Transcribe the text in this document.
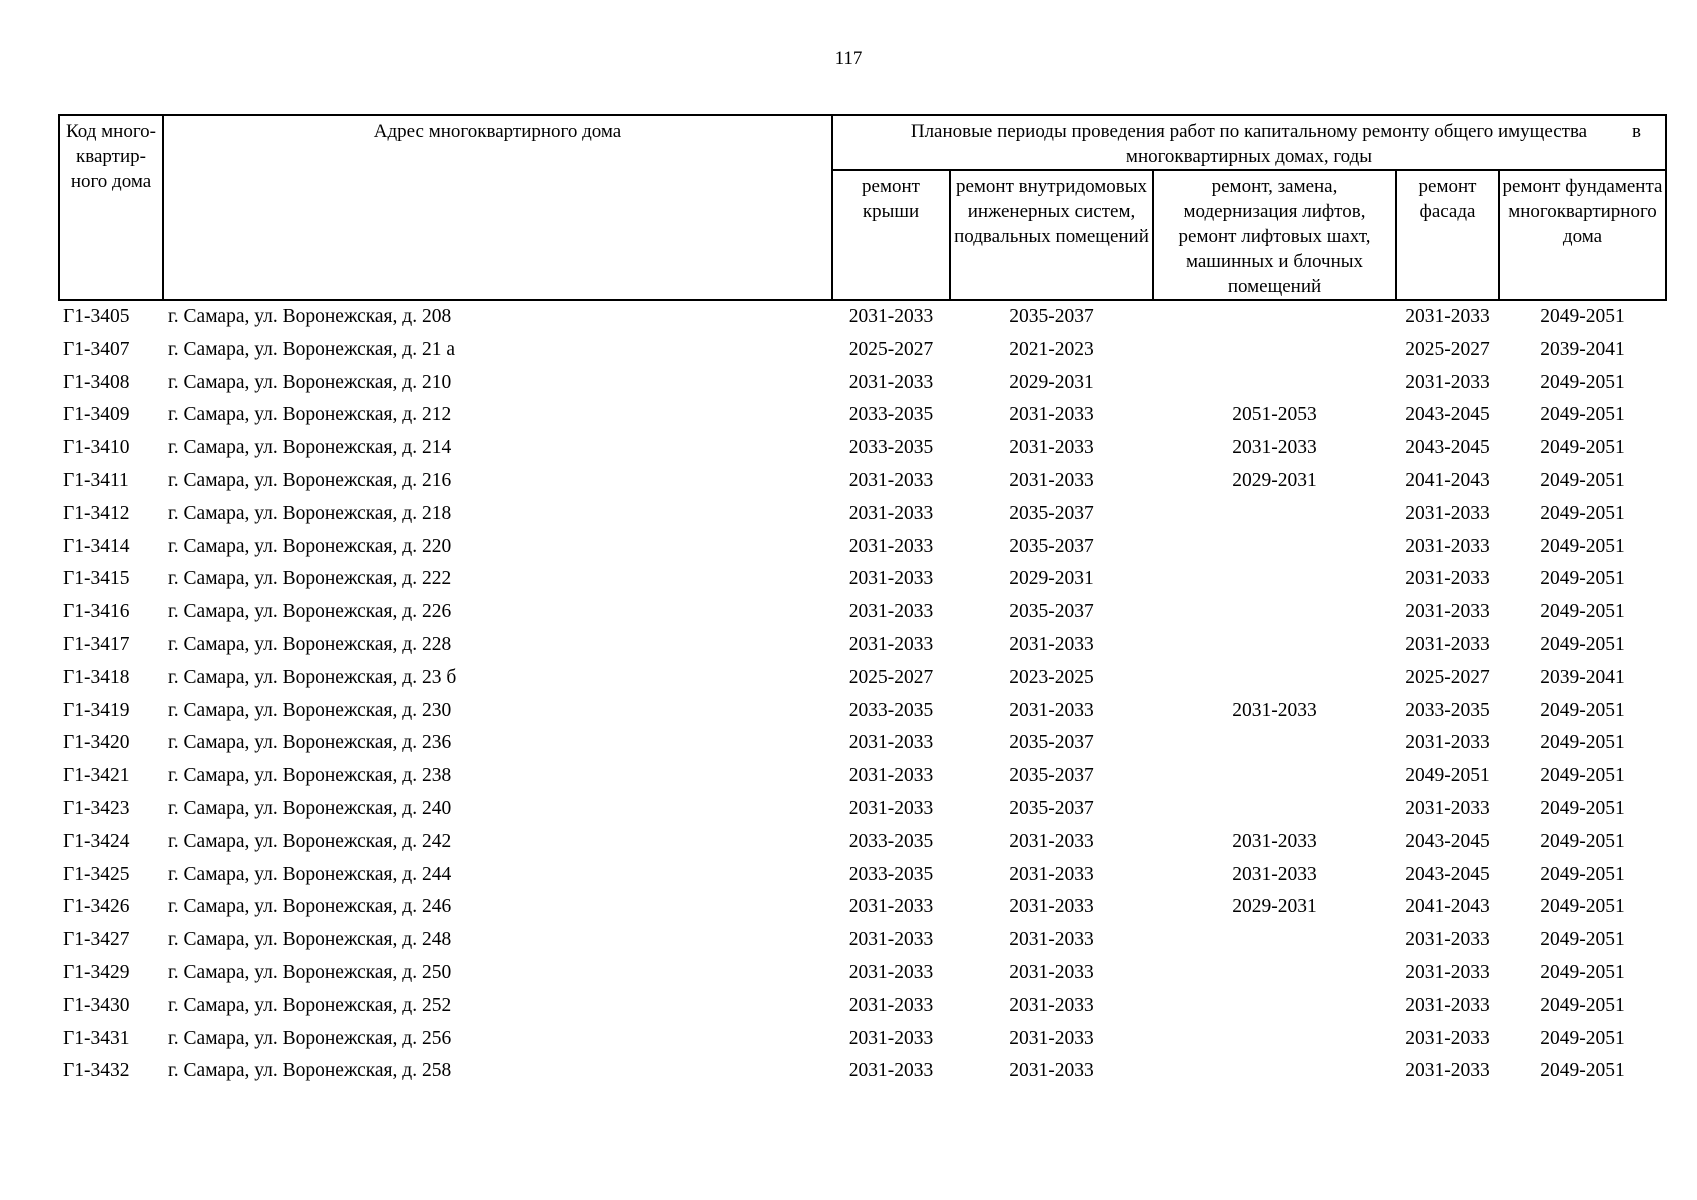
117
Код много-квартир-ного дома	Адрес многоквартирного дома	Плановые периоды проведения работ по капитальному ремонту общего имущества в

многоквартирных домах, годы				
		ремонт крыши	ремонт внутридомовых инженерных систем, подвальных помещений	ремонт, замена, модернизация лифтов, ремонт лифтовых шахт, машинных и блочных помещений	ремонт фасада	ремонт фундамента многоквартирного дома
Г1-3405	г. Самара, ул. Воронежская, д. 208	2031-2033	2035-2037		2031-2033	2049-2051
Г1-3407	г. Самара, ул. Воронежская, д. 21 а	2025-2027	2021-2023		2025-2027	2039-2041
Г1-3408	г. Самара, ул. Воронежская, д. 210	2031-2033	2029-2031		2031-2033	2049-2051
Г1-3409	г. Самара, ул. Воронежская, д. 212	2033-2035	2031-2033	2051-2053	2043-2045	2049-2051
Г1-3410	г. Самара, ул. Воронежская, д. 214	2033-2035	2031-2033	2031-2033	2043-2045	2049-2051
Г1-3411	г. Самара, ул. Воронежская, д. 216	2031-2033	2031-2033	2029-2031	2041-2043	2049-2051
Г1-3412	г. Самара, ул. Воронежская, д. 218	2031-2033	2035-2037		2031-2033	2049-2051
Г1-3414	г. Самара, ул. Воронежская, д. 220	2031-2033	2035-2037		2031-2033	2049-2051
Г1-3415	г. Самара, ул. Воронежская, д. 222	2031-2033	2029-2031		2031-2033	2049-2051
Г1-3416	г. Самара, ул. Воронежская, д. 226	2031-2033	2035-2037		2031-2033	2049-2051
Г1-3417	г. Самара, ул. Воронежская, д. 228	2031-2033	2031-2033		2031-2033	2049-2051
Г1-3418	г. Самара, ул. Воронежская, д. 23 б	2025-2027	2023-2025		2025-2027	2039-2041
Г1-3419	г. Самара, ул. Воронежская, д. 230	2033-2035	2031-2033	2031-2033	2033-2035	2049-2051
Г1-3420	г. Самара, ул. Воронежская, д. 236	2031-2033	2035-2037		2031-2033	2049-2051
Г1-3421	г. Самара, ул. Воронежская, д. 238	2031-2033	2035-2037		2049-2051	2049-2051
Г1-3423	г. Самара, ул. Воронежская, д. 240	2031-2033	2035-2037		2031-2033	2049-2051
Г1-3424	г. Самара, ул. Воронежская, д. 242	2033-2035	2031-2033	2031-2033	2043-2045	2049-2051
Г1-3425	г. Самара, ул. Воронежская, д. 244	2033-2035	2031-2033	2031-2033	2043-2045	2049-2051
Г1-3426	г. Самара, ул. Воронежская, д. 246	2031-2033	2031-2033	2029-2031	2041-2043	2049-2051
Г1-3427	г. Самара, ул. Воронежская, д. 248	2031-2033	2031-2033		2031-2033	2049-2051
Г1-3429	г. Самара, ул. Воронежская, д. 250	2031-2033	2031-2033		2031-2033	2049-2051
Г1-3430	г. Самара, ул. Воронежская, д. 252	2031-2033	2031-2033		2031-2033	2049-2051
Г1-3431	г. Самара, ул. Воронежская, д. 256	2031-2033	2031-2033		2031-2033	2049-2051
Г1-3432	г. Самара, ул. Воронежская, д. 258	2031-2033	2031-2033		2031-2033	2049-2051
